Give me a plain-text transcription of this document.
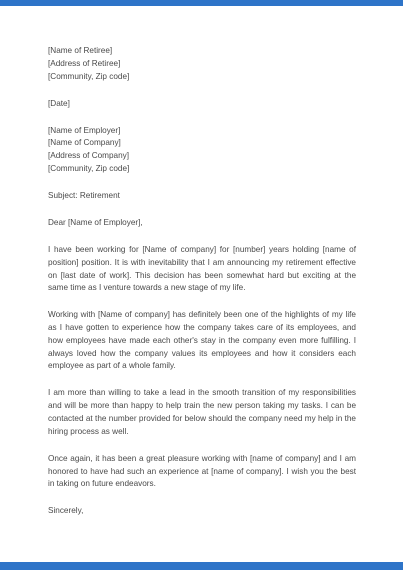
[Name of Retiree]
[Address of Retiree]
[Community, Zip code]
[Date]
[Name of Employer]
[Name of Company]
[Address of Company]
[Community, Zip code]
Subject: Retirement
Dear [Name of Employer],

I have been working for [Name of company] for [number] years holding [name of position] position. It is with inevitability that I am announcing my retirement effective on [last date of work]. This decision has been somewhat hard but exciting at the same time as I venture towards a new stage of my life.

Working with [Name of company] has definitely been one of the highlights of my life as I have gotten to experience how the company takes care of its employees, and how employees have made each other's stay in the company even more fulfilling. I always loved how the company values its employees and how it considers each employee as part of a whole family.

I am more than willing to take a lead in the smooth transition of my responsibilities and will be more than happy to help train the new person taking my tasks. I can be contacted at the number provided for below should the company need my help in the hiring process as well.

Once again, it has been a great pleasure working with [name of company] and I am honored to have had such an experience at [name of company]. I wish you the best in taking on future endeavors.

Sincerely,
